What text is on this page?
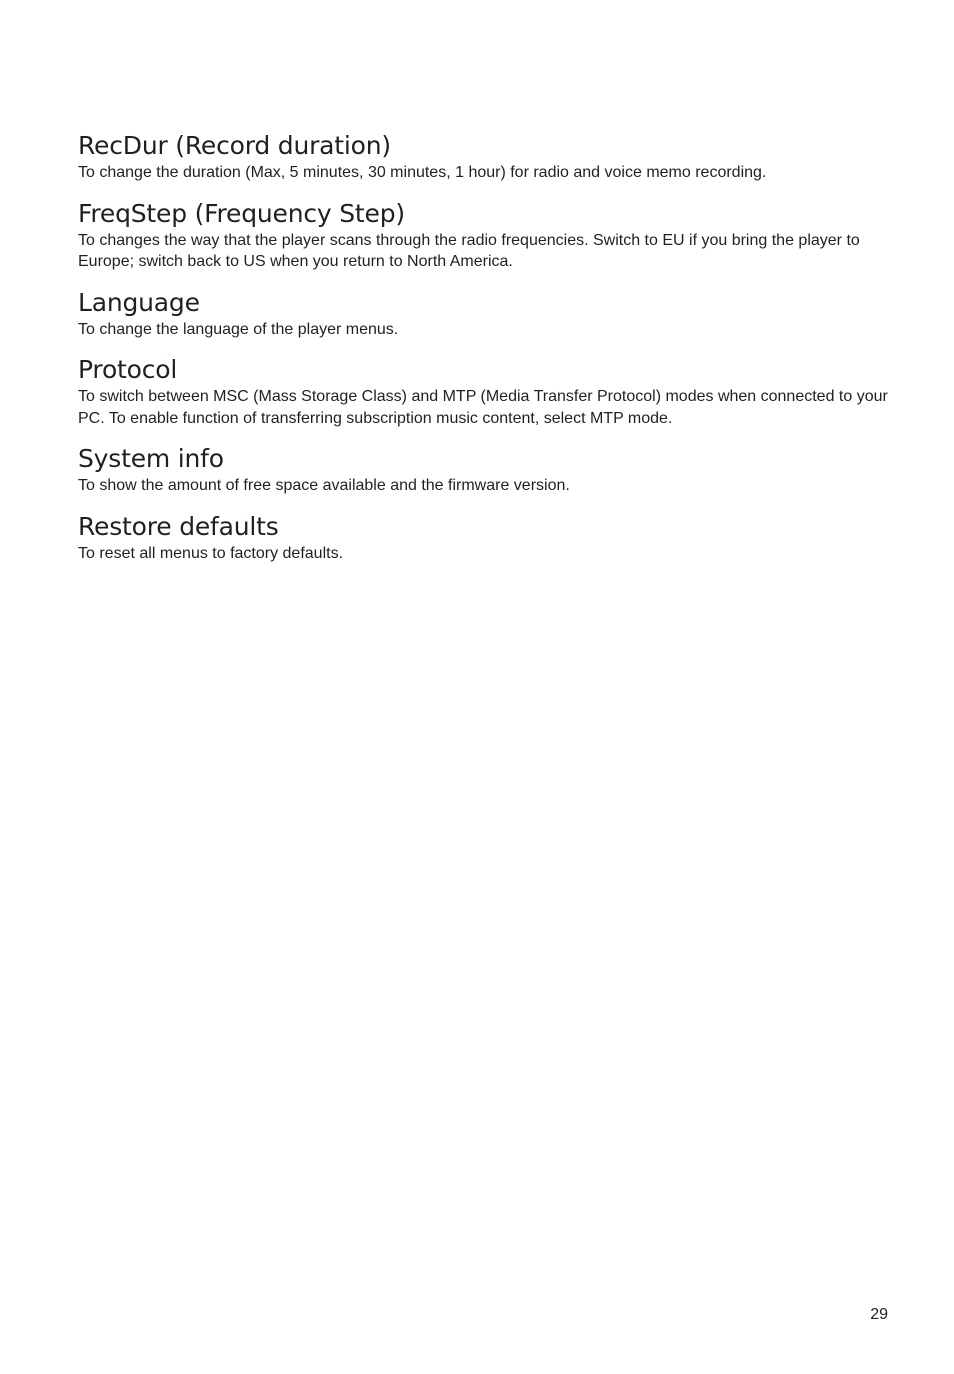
RecDur (Record duration)

To change the duration (Max, 5 minutes, 30 minutes, 1 hour) for radio and voice memo recording.

FreqStep (Frequency Step)

To changes the way that the player scans through the radio frequencies. Switch to EU if you bring the player to Europe; switch back to US when you return to North America.

Language

To change the language of the player menus.

Protocol

To switch between MSC (Mass Storage Class) and MTP (Media Transfer Protocol) modes when connected to your PC. To enable function of transferring subscription music content, select MTP mode.

System info

To show the amount of free space available and the firmware version.

Restore defaults

To reset all menus to factory defaults.

29
